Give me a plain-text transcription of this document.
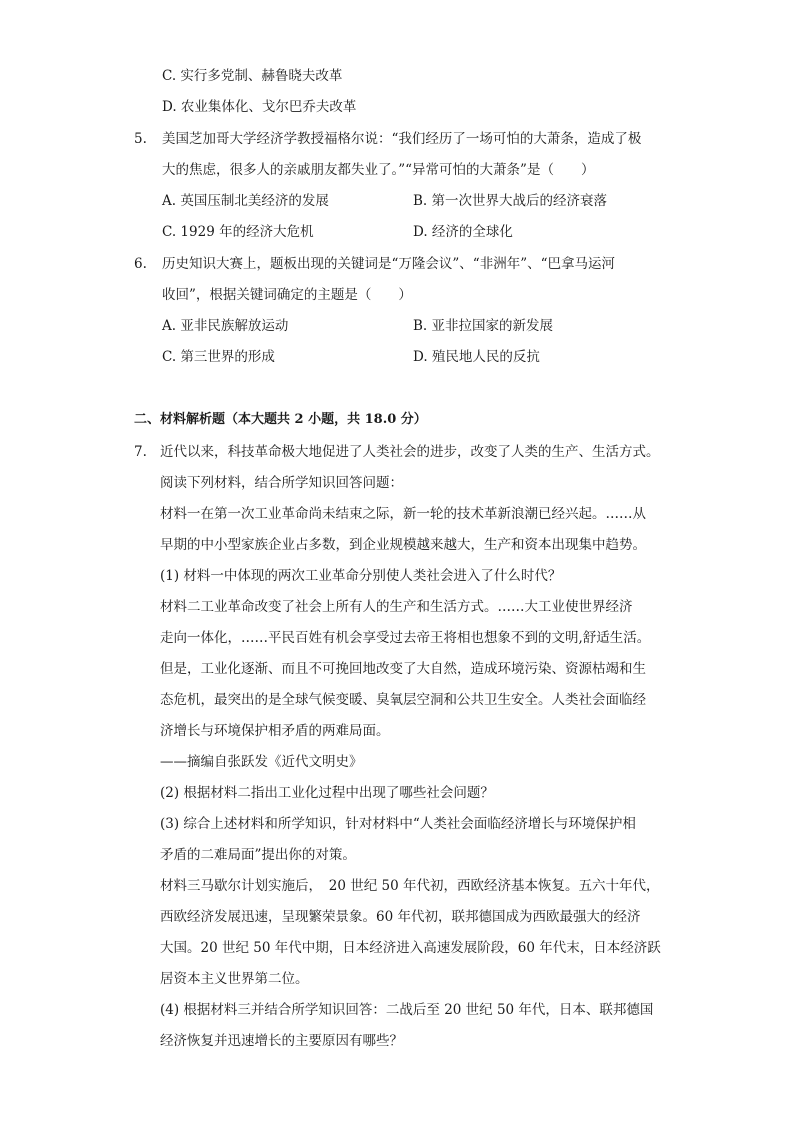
C. 实行多党制、赫鲁晓夫改革
D. 农业集体化、戈尔巴乔夫改革
5. 美国芝加哥大学经济学教授福格尔说：“我们经历了一场可怕的大萧条，造成了极
大的焦虑，很多人的亲戚朋友都失业了。”“异常可怕的大萧条”是（　　）
A. 英国压制北美经济的发展	B. 第一次世界大战后的经济衰落
C. 1929 年的经济大危机	D. 经济的全球化
6. 历史知识大赛上，题板出现的关键词是“万隆会议”、“非洲年”、“巴拿马运河
收回”，根据关键词确定的主题是（　　）
A. 亚非民族解放运动	B. 亚非拉国家的新发展
C. 第三世界的形成	D. 殖民地人民的反抗
二、材料解析题（本大题共 2 小题，共 18.0 分）
7. 近代以来，科技革命极大地促进了人类社会的进步，改变了人类的生产、生活方式。
阅读下列材料，结合所学知识回答问题：
材料一在第一次工业革命尚未结束之际，新一轮的技术革新浪潮已经兴起。……从
早期的中小型家族企业占多数，到企业规模越来越大，生产和资本出现集中趋势。
(1) 材料一中体现的两次工业革命分别使人类社会进入了什么时代？
材料二工业革命改变了社会上所有人的生产和生活方式。……大工业使世界经济
走向一体化，……平民百姓有机会享受过去帝王将相也想象不到的文明,舒适生活。
但是，工业化逐渐、而且不可挽回地改变了大自然，造成环境污染、资源枯竭和生
态危机，最突出的是全球气候变暖、臭氧层空洞和公共卫生安全。人类社会面临经
济增长与环境保护相矛盾的两难局面。
——摘编自张跃发《近代文明史》
(2) 根据材料二指出工业化过程中出现了哪些社会问题？
(3) 综合上述材料和所学知识，针对材料中“人类社会面临经济增长与环境保护相
矛盾的二难局面”提出你的对策。
材料三马歇尔计划实施后，　20 世纪 50 年代初，西欧经济基本恢复。五六十年代，
西欧经济发展迅速，呈现繁荣景象。60 年代初，联邦德国成为西欧最强大的经济
大国。20 世纪 50 年代中期，日本经济进入高速发展阶段，60 年代末，日本经济跃
居资本主义世界第二位。
(4) 根据材料三并结合所学知识回答：二战后至 20 世纪 50 年代，日本、联邦德国
经济恢复并迅速增长的主要原因有哪些？
